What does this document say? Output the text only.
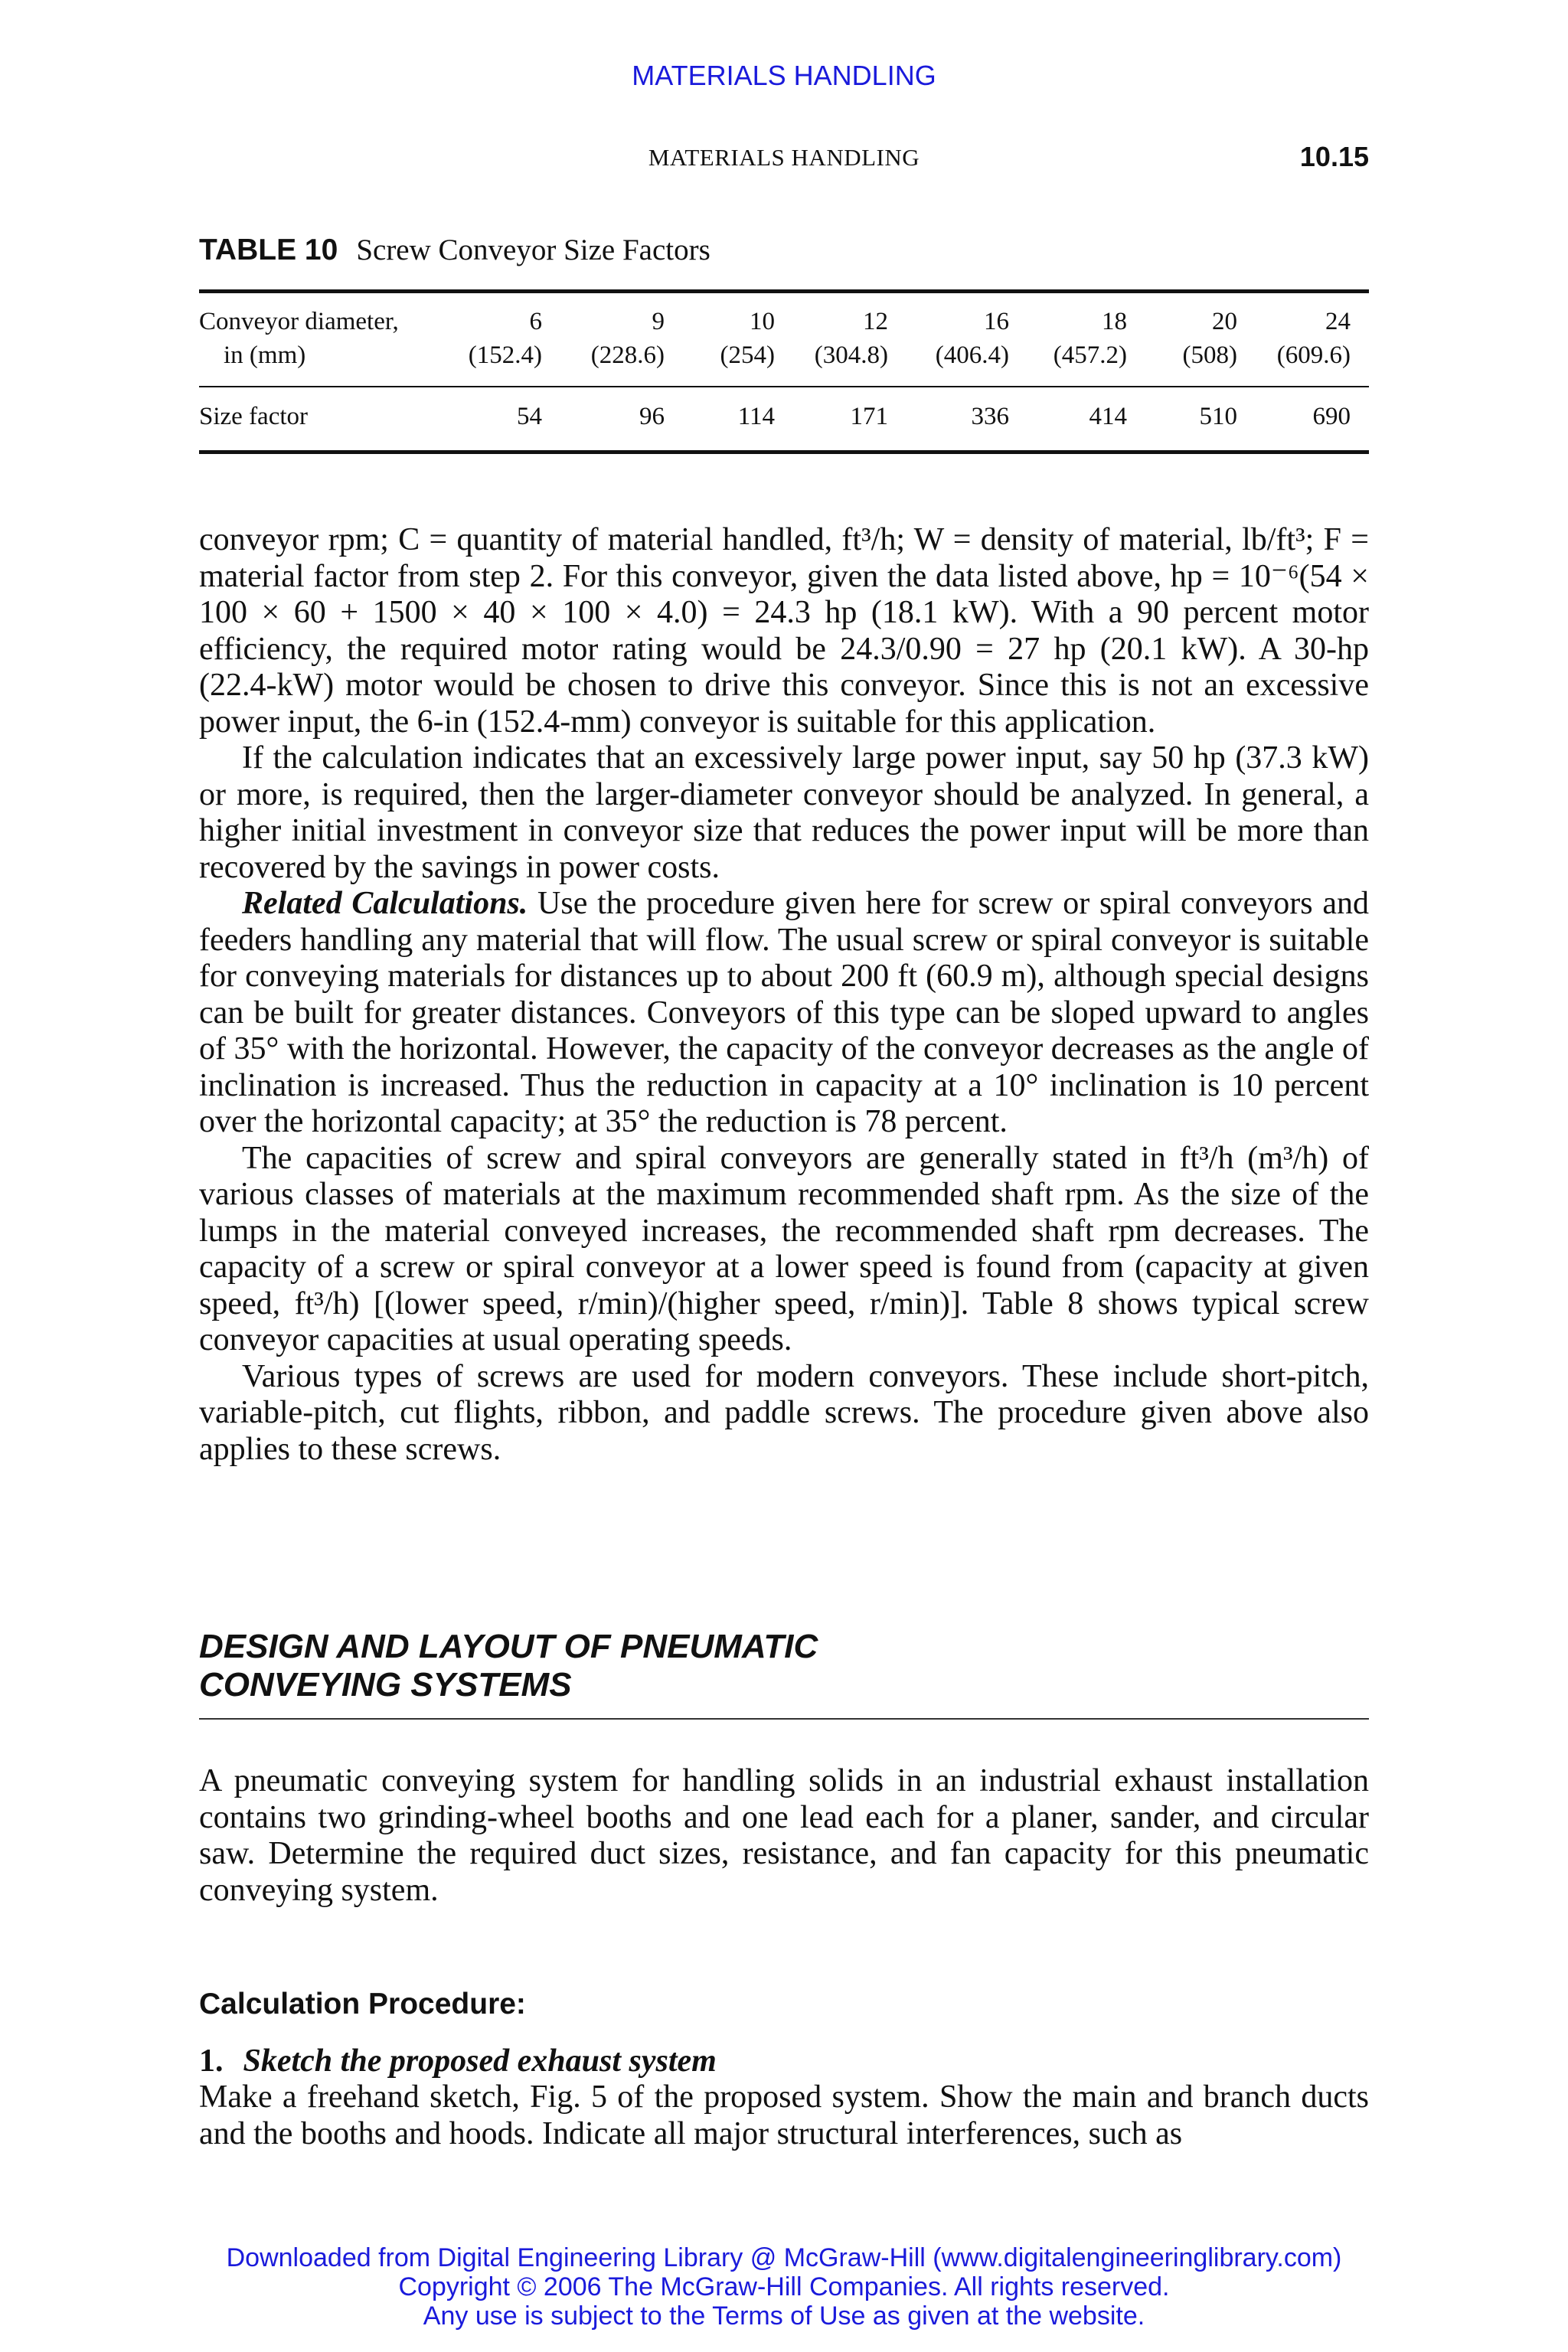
MATERIALS HANDLING
MATERIALS HANDLING	10.15
TABLE 10 Screw Conveyor Size Factors
Conveyor diameter,
in (mm)
Size factor
6
(152.4)
54
9
(228.6)
96
10
(254)
114
12
(304.8)
171
16
(406.4)
336
18
(457.2)
414
20
(508)
510
24
(609.6)
690

conveyor rpm; C = quantity of material handled, ft³/h; W = density of material, lb/ft³; F = material factor from step 2. For this conveyor, given the data listed above, hp = 10⁻⁶(54 × 100 × 60 + 1500 × 40 × 100 × 4.0) = 24.3 hp (18.1 kW). With a 90 percent motor efficiency, the required motor rating would be 24.3/0.90 = 27 hp (20.1 kW). A 30-hp (22.4-kW) motor would be chosen to drive this conveyor. Since this is not an excessive power input, the 6-in (152.4-mm) conveyor is suitable for this application.

If the calculation indicates that an excessively large power input, say 50 hp (37.3 kW) or more, is required, then the larger-diameter conveyor should be analyzed. In general, a higher initial investment in conveyor size that reduces the power input will be more than recovered by the savings in power costs.

Related Calculations. Use the procedure given here for screw or spiral conveyors and feeders handling any material that will flow. The usual screw or spiral conveyor is suitable for conveying materials for distances up to about 200 ft (60.9 m), although special designs can be built for greater distances. Conveyors of this type can be sloped upward to angles of 35° with the horizontal. However, the capacity of the conveyor decreases as the angle of inclination is increased. Thus the reduction in capacity at a 10° inclination is 10 percent over the horizontal capacity; at 35° the reduction is 78 percent.

The capacities of screw and spiral conveyors are generally stated in ft³/h (m³/h) of various classes of materials at the maximum recommended shaft rpm. As the size of the lumps in the material conveyed increases, the recommended shaft rpm decreases. The capacity of a screw or spiral conveyor at a lower speed is found from (capacity at given speed, ft³/h) [(lower speed, r/min)/(higher speed, r/min)]. Table 8 shows typical screw conveyor capacities at usual operating speeds.

Various types of screws are used for modern conveyors. These include short-pitch, variable-pitch, cut flights, ribbon, and paddle screws. The procedure given above also applies to these screws.

DESIGN AND LAYOUT OF PNEUMATIC
CONVEYING SYSTEMS

A pneumatic conveying system for handling solids in an industrial exhaust installation contains two grinding-wheel booths and one lead each for a planer, sander, and circular saw. Determine the required duct sizes, resistance, and fan capacity for this pneumatic conveying system.

Calculation Procedure:
1. Sketch the proposed exhaust system

Make a freehand sketch, Fig. 5 of the proposed system. Show the main and branch ducts and the booths and hoods. Indicate all major structural interferences, such as

Downloaded from Digital Engineering Library @ McGraw-Hill (www.digitalengineeringlibrary.com)
Copyright © 2006 The McGraw-Hill Companies. All rights reserved.
Any use is subject to the Terms of Use as given at the website.
